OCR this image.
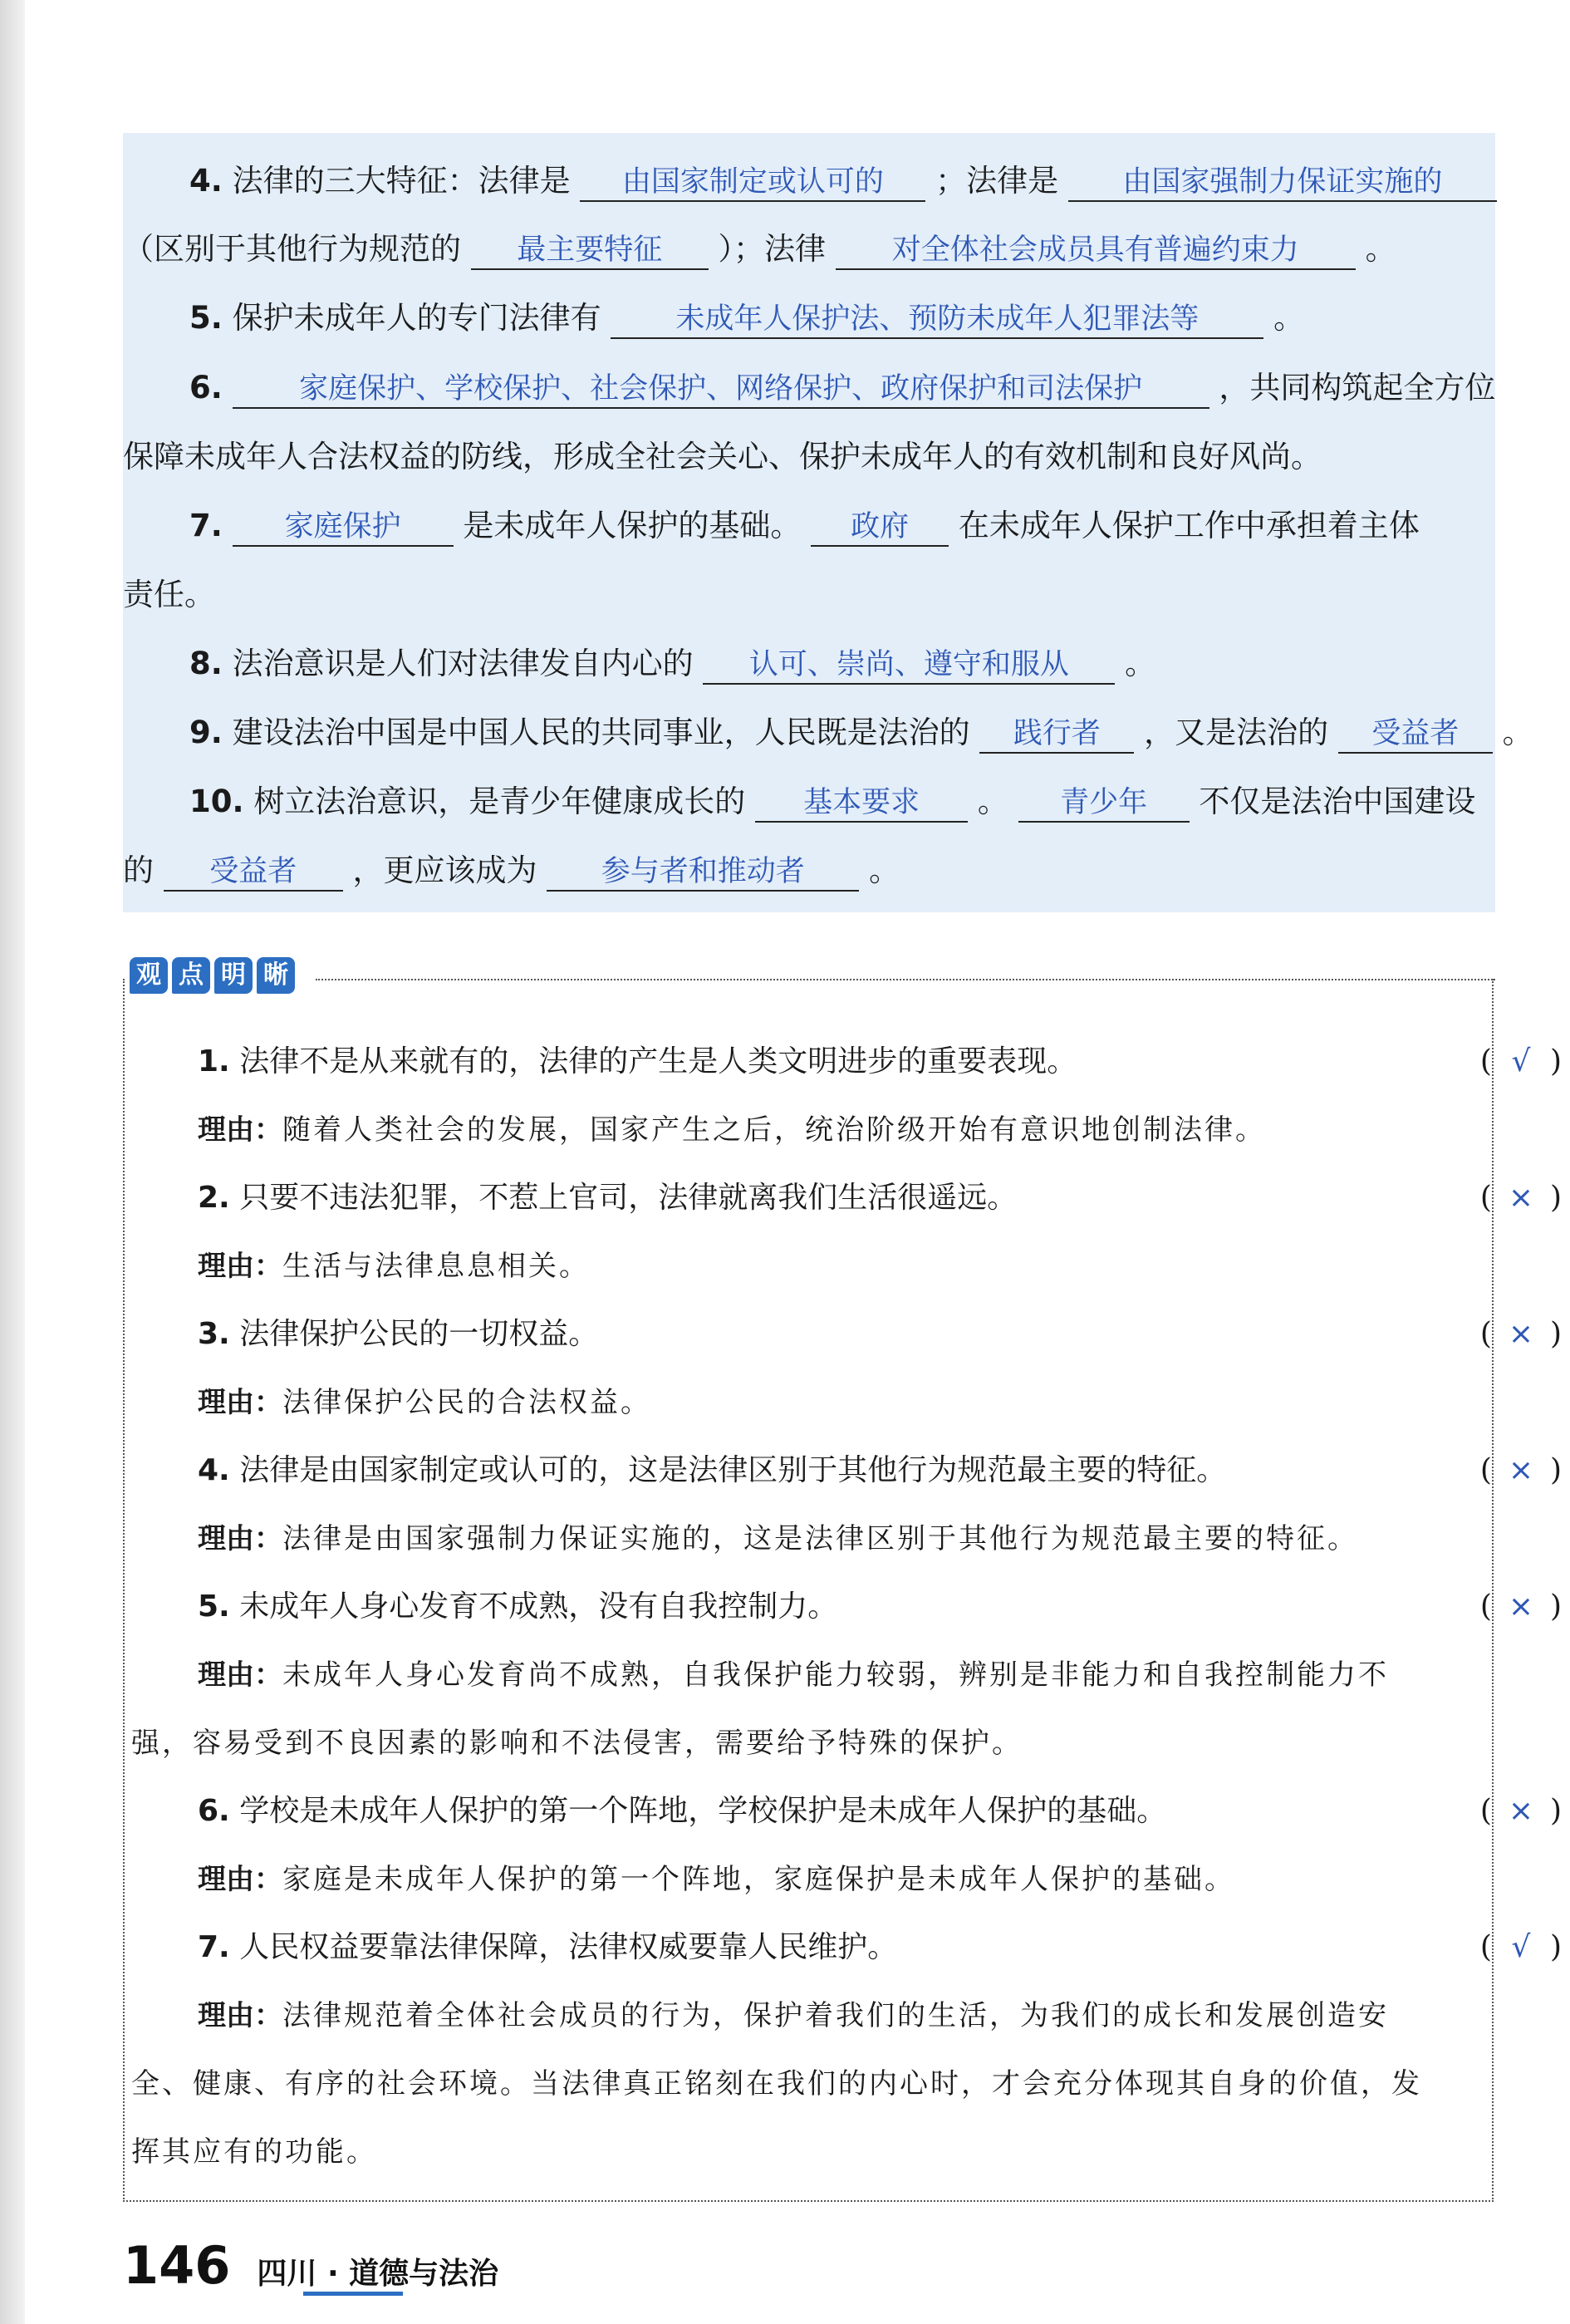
4. 法律的三大特征：法律是 由国家制定或认可的 ；法律是 由国家强制力保证实施的
（区别于其他行为规范的 最主要特征 ）；法律 对全体社会成员具有普遍约束力 。
5. 保护未成年人的专门法律有	未成年人保护法、预防未成年人犯罪法等 。
6.	家庭保护、学校保护、社会保护、网络保护、政府保护和司法保护 ，共同构筑起全方位
保障未成年人合法权益的防线，形成全社会关心、保护未成年人的有效机制和良好风尚。
7. 家庭保护 是未成年人保护的基础。 政府 在未成年人保护工作中承担着主体
责任。
8. 法治意识是人们对法律发自内心的 认可、崇尚、遵守和服从 。
9. 建设法治中国是中国人民的共同事业，人民既是法治的 践行者 ，又是法治的 受益者 。
10. 树立法治意识，是青少年健康成长的 基本要求 。 青少年 不仅是法治中国建设
的 受益者 ，更应该成为 参与者和推动者 。
观 点 明 晰
1. 法律不是从来就有的，法律的产生是人类文明进步的重要表现。	( √ )
理由：随着人类社会的发展，国家产生之后，统治阶级开始有意识地创制法律。
2. 只要不违法犯罪，不惹上官司，法律就离我们生活很遥远。	( × )
理由：生活与法律息息相关。
3. 法律保护公民的一切权益。	( × )
理由：法律保护公民的合法权益。
4. 法律是由国家制定或认可的，这是法律区别于其他行为规范最主要的特征。	( × )
理由：法律是由国家强制力保证实施的，这是法律区别于其他行为规范最主要的特征。
5. 未成年人身心发育不成熟，没有自我控制力。	( × )
理由：未成年人身心发育尚不成熟，自我保护能力较弱，辨别是非能力和自我控制能力不
强，容易受到不良因素的影响和不法侵害，需要给予特殊的保护。
6. 学校是未成年人保护的第一个阵地，学校保护是未成年人保护的基础。	( × )
理由：家庭是未成年人保护的第一个阵地，家庭保护是未成年人保护的基础。
7. 人民权益要靠法律保障，法律权威要靠人民维护。	( √ )
理由：法律规范着全体社会成员的行为，保护着我们的生活，为我们的成长和发展创造安
全、健康、有序的社会环境。当法律真正铭刻在我们的内心时，才会充分体现其自身的价值，发
挥其应有的功能。
146 四川 · 道德与法治
